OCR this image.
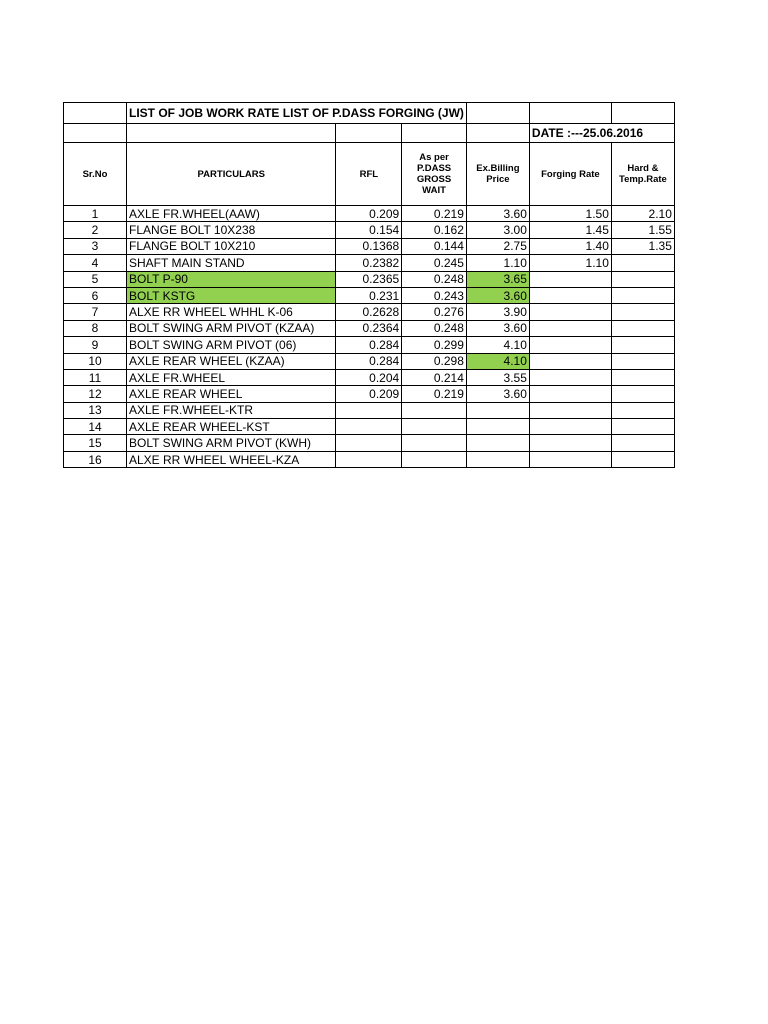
	LIST OF JOB WORK RATE LIST OF P.DASS FORGING (JW)					
					DATE :---25.06.2016	
Sr.No	PARTICULARS	RFL	As per P.DASS GROSS WAIT	Ex.Billing Price	Forging Rate	Hard & Temp.Rate
1	AXLE FR.WHEEL(AAW)	0.209	0.219	3.60	1.50	2.10
2	FLANGE BOLT 10X238	0.154	0.162	3.00	1.45	1.55
3	FLANGE BOLT 10X210	0.1368	0.144	2.75	1.40	1.35
4	SHAFT MAIN STAND	0.2382	0.245	1.10	1.10	
5	BOLT P-90	0.2365	0.248	3.65		
6	BOLT KSTG	0.231	0.243	3.60		
7	ALXE RR WHEEL WHHL K-06	0.2628	0.276	3.90		
8	BOLT SWING ARM PIVOT (KZAA)	0.2364	0.248	3.60		
9	BOLT SWING ARM PIVOT (06)	0.284	0.299	4.10		
10	AXLE REAR WHEEL (KZAA)	0.284	0.298	4.10		
11	AXLE FR.WHEEL	0.204	0.214	3.55		
12	AXLE REAR WHEEL	0.209	0.219	3.60		
13	AXLE FR.WHEEL-KTR					
14	AXLE REAR WHEEL-KST					
15	BOLT SWING ARM PIVOT (KWH)					
16	ALXE RR WHEEL WHEEL-KZA					
